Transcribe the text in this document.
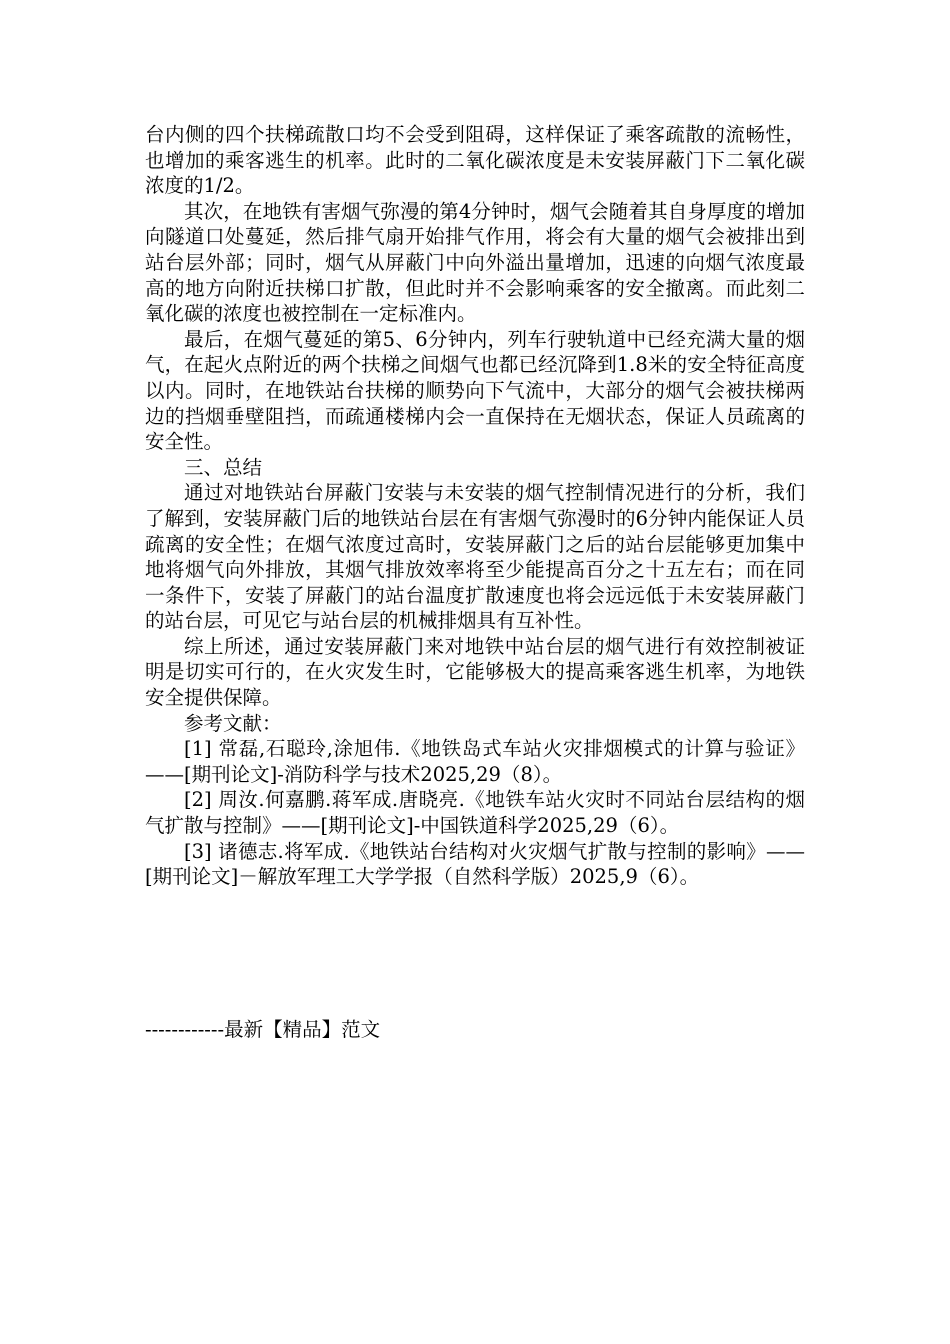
台内侧的四个扶梯疏散口均不会受到阻碍，这样保证了乘客疏散的流畅性，也增加的乘客逃生的机率。此时的二氧化碳浓度是未安装屏蔽门下二氧化碳浓度的1/2。

其次，在地铁有害烟气弥漫的第4分钟时，烟气会随着其自身厚度的增加向隧道口处蔓延，然后排气扇开始排气作用，将会有大量的烟气会被排出到站台层外部；同时，烟气从屏蔽门中向外溢出量增加，迅速的向烟气浓度最高的地方向附近扶梯口扩散，但此时并不会影响乘客的安全撤离。而此刻二氧化碳的浓度也被控制在一定标准内。

最后，在烟气蔓延的第5、6分钟内，列车行驶轨道中已经充满大量的烟气，在起火点附近的两个扶梯之间烟气也都已经沉降到1.8米的安全特征高度以内。同时，在地铁站台扶梯的顺势向下气流中，大部分的烟气会被扶梯两边的挡烟垂壁阻挡，而疏通楼梯内会一直保持在无烟状态，保证人员疏离的安全性。

三、总结

通过对地铁站台屏蔽门安装与未安装的烟气控制情况进行的分析，我们了解到，安装屏蔽门后的地铁站台层在有害烟气弥漫时的6分钟内能保证人员疏离的安全性；在烟气浓度过高时，安装屏蔽门之后的站台层能够更加集中地将烟气向外排放，其烟气排放效率将至少能提高百分之十五左右；而在同一条件下，安装了屏蔽门的站台温度扩散速度也将会远远低于未安装屏蔽门的站台层，可见它与站台层的机械排烟具有互补性。

综上所述，通过安装屏蔽门来对地铁中站台层的烟气进行有效控制被证明是切实可行的，在火灾发生时，它能够极大的提高乘客逃生机率，为地铁安全提供保障。

参考文献：

[1] 常磊,石聪玲,涂旭伟.《地铁岛式车站火灾排烟模式的计算与验证》——[期刊论文]-消防科学与技术2025,29（8）。

[2] 周汝.何嘉鹏.蒋军成.唐晓亮.《地铁车站火灾时不同站台层结构的烟气扩散与控制》——[期刊论文]-中国铁道科学2025,29（6）。

[3] 诸德志.将军成.《地铁站台结构对火灾烟气扩散与控制的影响》——[期刊论文]－解放军理工大学学报（自然科学版）2025,9（6）。

------------最新【精品】范文
